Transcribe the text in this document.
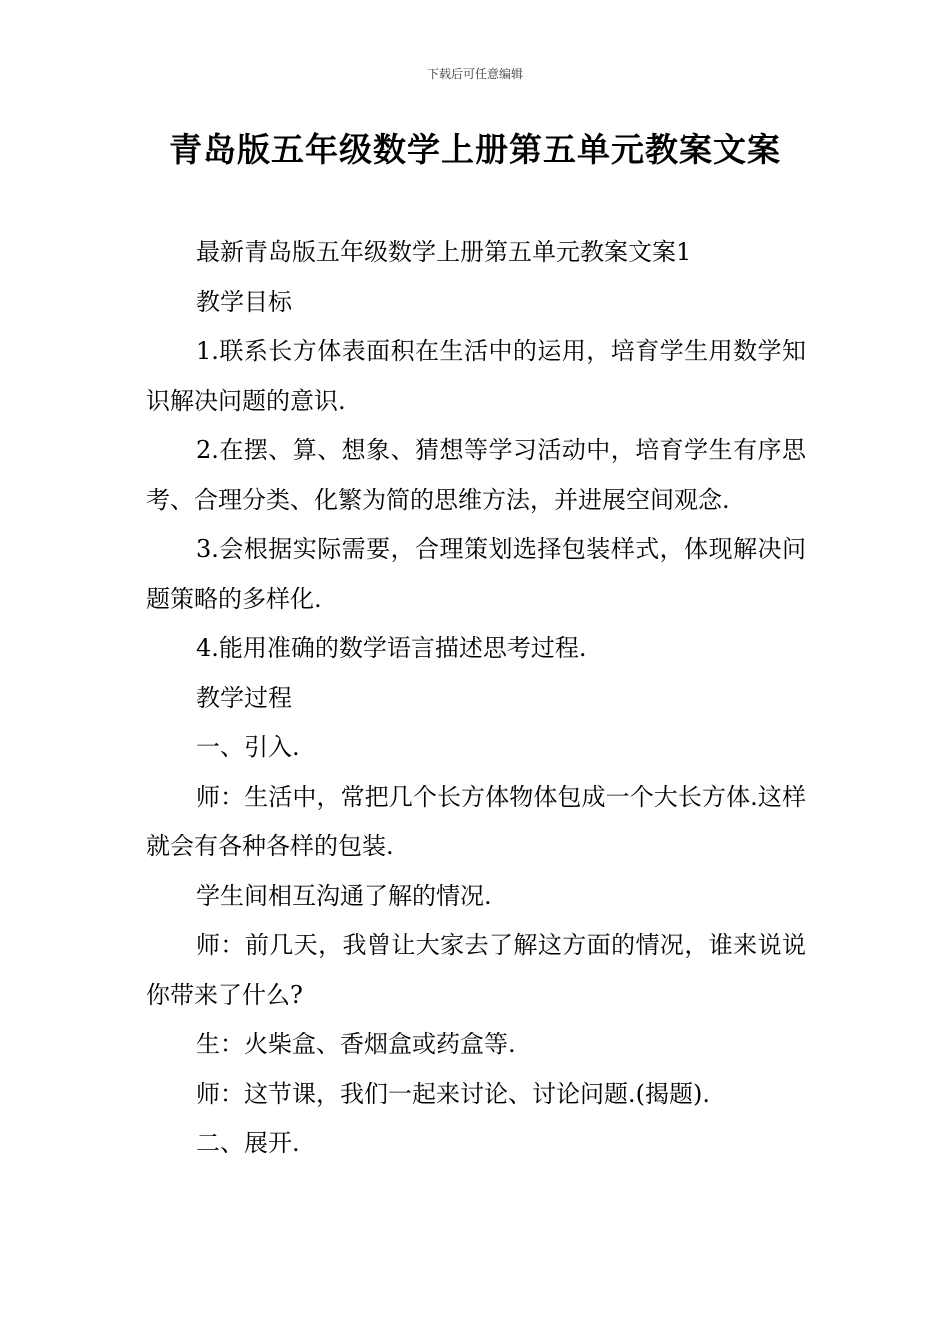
下载后可任意编辑
青岛版五年级数学上册第五单元教案文案

最新青岛版五年级数学上册第五单元教案文案1

教学目标

1.联系长方体表面积在生活中的运用，培育学生用数学知识解决问题的意识.

2.在摆、算、想象、猜想等学习活动中，培育学生有序思考、合理分类、化繁为简的思维方法，并进展空间观念.

3.会根据实际需要，合理策划选择包装样式，体现解决问题策略的多样化.

4.能用准确的数学语言描述思考过程.

教学过程

一、引入.

师：生活中，常把几个长方体物体包成一个大长方体.这样就会有各种各样的包装.

学生间相互沟通了解的情况.

师：前几天，我曾让大家去了解这方面的情况，谁来说说你带来了什么?

生：火柴盒、香烟盒或药盒等.

师：这节课，我们一起来讨论、讨论问题.(揭题).

二、展开.
